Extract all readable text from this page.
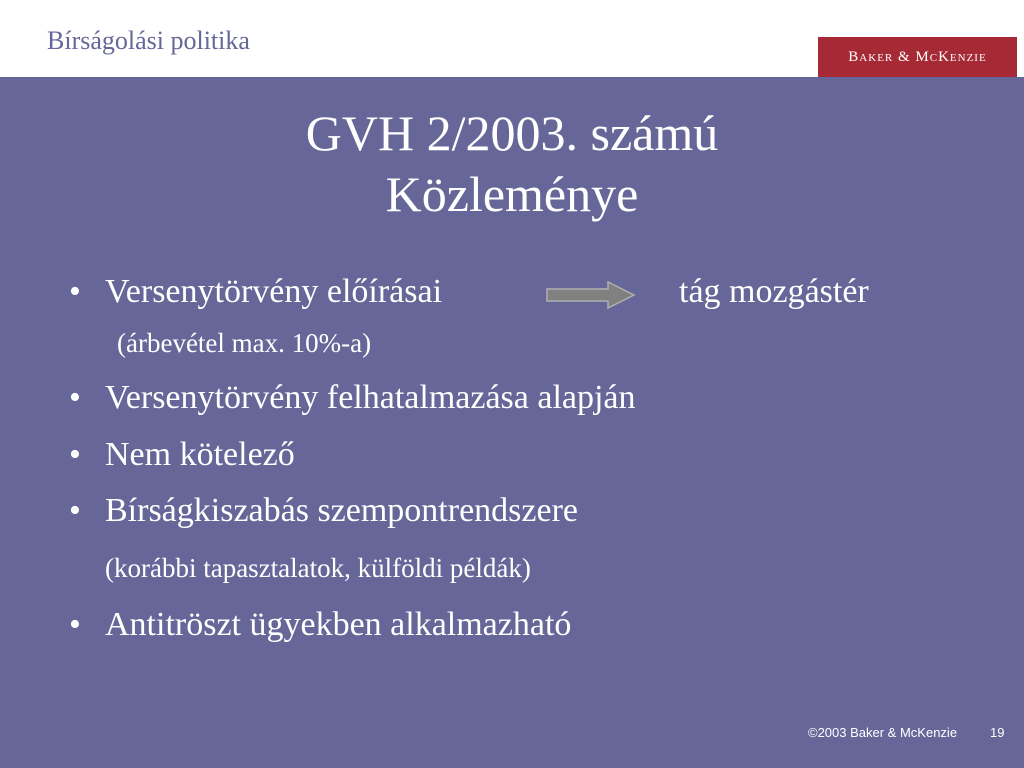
Bírságolási politika
Baker & McKenzie
GVH 2/2003. számú
Közleménye
• Versenytörvény előírásai	tág mozgástér
(árbevétel max. 10%-a)
• Versenytörvény felhatalmazása alapján
• Nem kötelező
• Bírságkiszabás szempontrendszere
(korábbi tapasztalatok, külföldi példák)
• Antitröszt ügyekben alkalmazható
©2003 Baker & McKenzie	19
